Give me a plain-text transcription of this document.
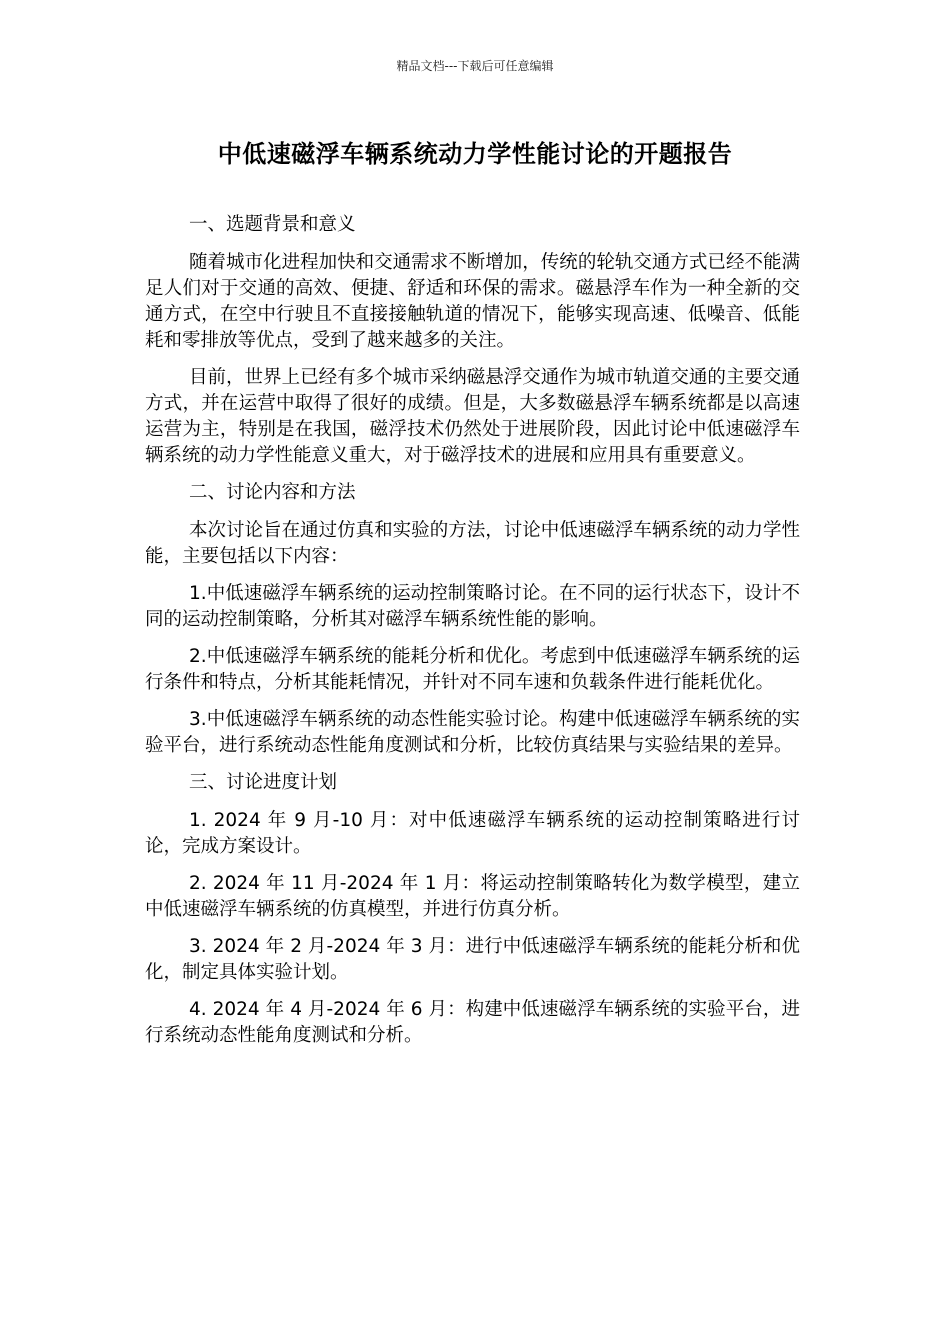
精品文档---下载后可任意编辑
中低速磁浮车辆系统动力学性能讨论的开题报告

一、选题背景和意义

随着城市化进程加快和交通需求不断增加，传统的轮轨交通方式已经不能满足人们对于交通的高效、便捷、舒适和环保的需求。磁悬浮车作为一种全新的交通方式，在空中行驶且不直接接触轨道的情况下，能够实现高速、低噪音、低能耗和零排放等优点，受到了越来越多的关注。

目前，世界上已经有多个城市采纳磁悬浮交通作为城市轨道交通的主要交通方式，并在运营中取得了很好的成绩。但是，大多数磁悬浮车辆系统都是以高速运营为主，特别是在我国，磁浮技术仍然处于进展阶段，因此讨论中低速磁浮车辆系统的动力学性能意义重大，对于磁浮技术的进展和应用具有重要意义。

二、讨论内容和方法

本次讨论旨在通过仿真和实验的方法，讨论中低速磁浮车辆系统的动力学性能，主要包括以下内容：

1.中低速磁浮车辆系统的运动控制策略讨论。在不同的运行状态下，设计不同的运动控制策略，分析其对磁浮车辆系统性能的影响。

2.中低速磁浮车辆系统的能耗分析和优化。考虑到中低速磁浮车辆系统的运行条件和特点，分析其能耗情况，并针对不同车速和负载条件进行能耗优化。

3.中低速磁浮车辆系统的动态性能实验讨论。构建中低速磁浮车辆系统的实验平台，进行系统动态性能角度测试和分析，比较仿真结果与实验结果的差异。

三、讨论进度计划

1. 2024 年 9 月-10 月：对中低速磁浮车辆系统的运动控制策略进行讨论，完成方案设计。

2. 2024 年 11 月-2024 年 1 月：将运动控制策略转化为数学模型，建立中低速磁浮车辆系统的仿真模型，并进行仿真分析。

3. 2024 年 2 月-2024 年 3 月：进行中低速磁浮车辆系统的能耗分析和优化，制定具体实验计划。

4. 2024 年 4 月-2024 年 6 月：构建中低速磁浮车辆系统的实验平台，进行系统动态性能角度测试和分析。
